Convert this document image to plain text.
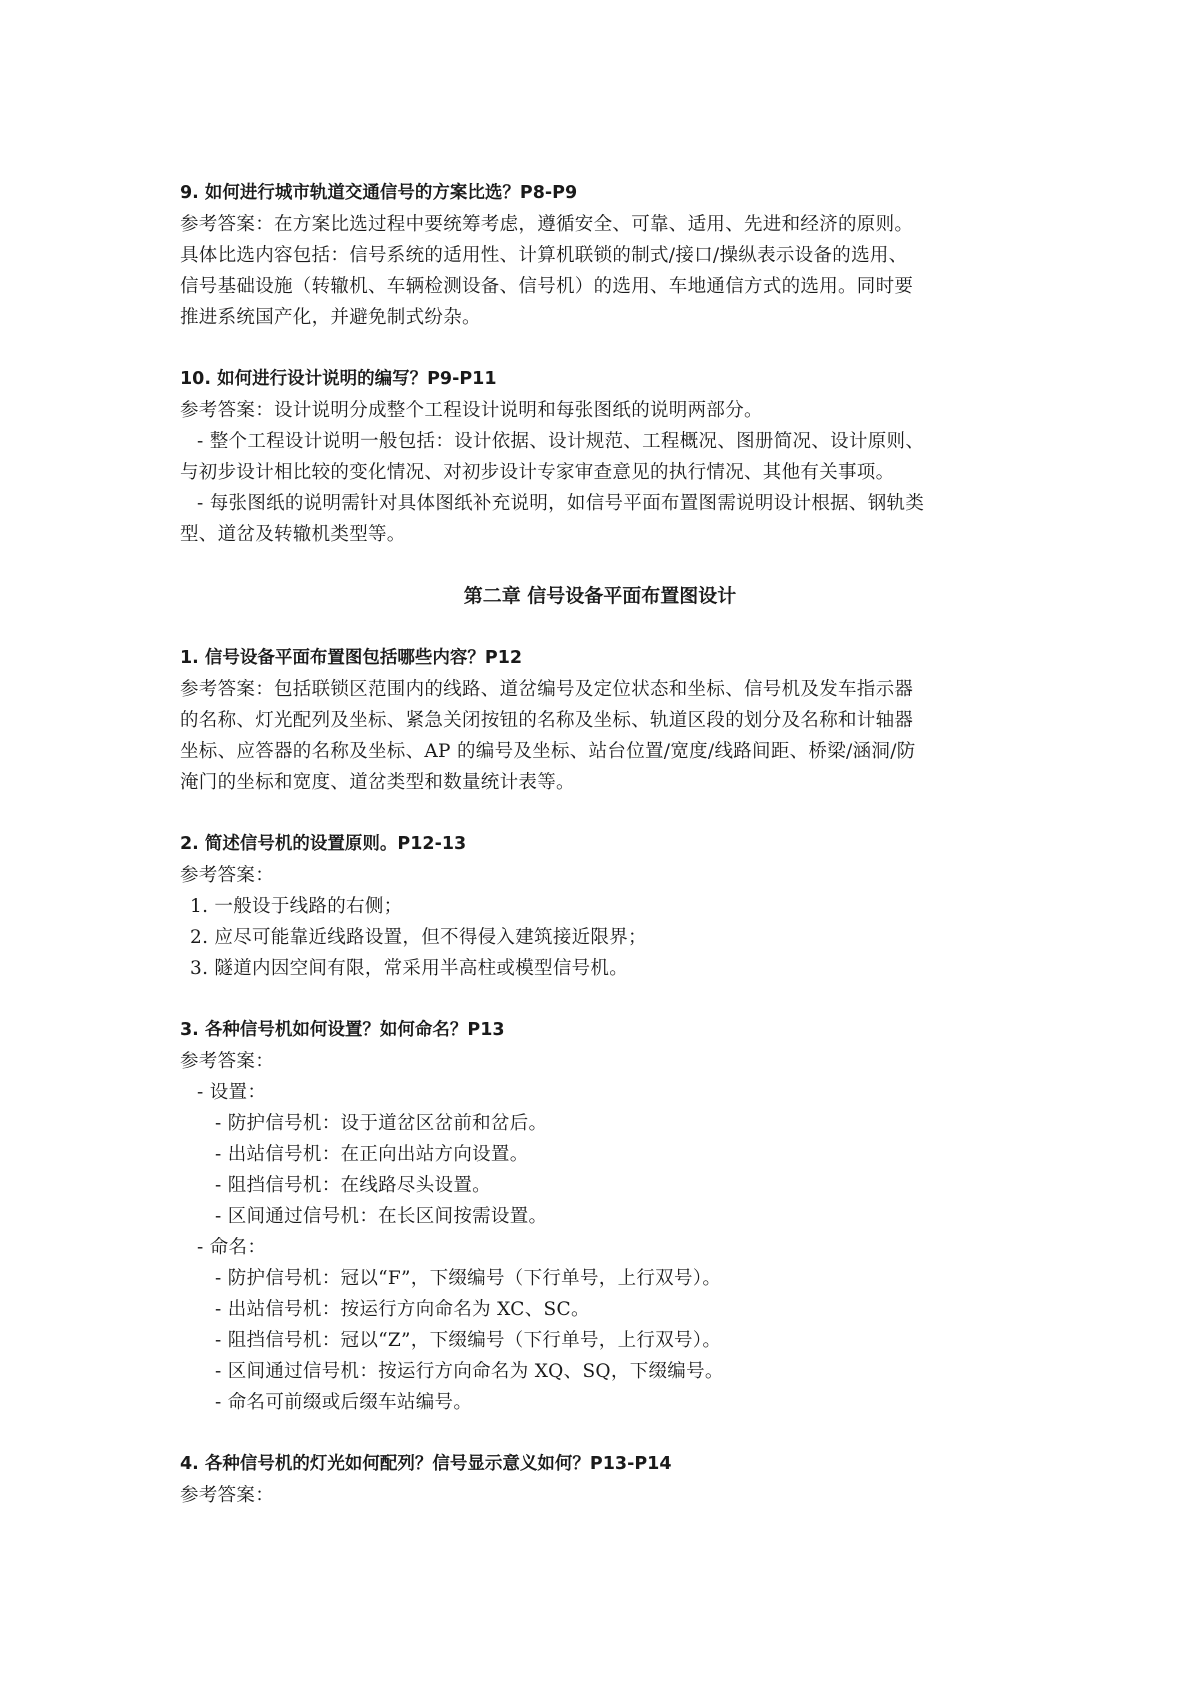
9. 如何进行城市轨道交通信号的方案比选？P8-P9

参考答案：在方案比选过程中要统筹考虑，遵循安全、可靠、适用、先进和经济的原则。

具体比选内容包括：信号系统的适用性、计算机联锁的制式/接口/操纵表示设备的选用、

信号基础设施（转辙机、车辆检测设备、信号机）的选用、车地通信方式的选用。同时要

推进系统国产化，并避免制式纷杂。

10. 如何进行设计说明的编写？P9-P11

参考答案：设计说明分成整个工程设计说明和每张图纸的说明两部分。

- 整个工程设计说明一般包括：设计依据、设计规范、工程概况、图册简况、设计原则、

与初步设计相比较的变化情况、对初步设计专家审查意见的执行情况、其他有关事项。

- 每张图纸的说明需针对具体图纸补充说明，如信号平面布置图需说明设计根据、钢轨类

型、道岔及转辙机类型等。

第二章 信号设备平面布置图设计

1. 信号设备平面布置图包括哪些内容？P12

参考答案：包括联锁区范围内的线路、道岔编号及定位状态和坐标、信号机及发车指示器

的名称、灯光配列及坐标、紧急关闭按钮的名称及坐标、轨道区段的划分及名称和计轴器

坐标、应答器的名称及坐标、AP 的编号及坐标、站台位置/宽度/线路间距、桥梁/涵洞/防

淹门的坐标和宽度、道岔类型和数量统计表等。

2. 简述信号机的设置原则。P12-13

参考答案：

1. 一般设于线路的右侧；

2. 应尽可能靠近线路设置，但不得侵入建筑接近限界；

3. 隧道内因空间有限，常采用半高柱或模型信号机。

3. 各种信号机如何设置？如何命名？P13

参考答案：

- 设置：

- 防护信号机：设于道岔区岔前和岔后。

- 出站信号机：在正向出站方向设置。

- 阻挡信号机：在线路尽头设置。

- 区间通过信号机：在长区间按需设置。

- 命名：

- 防护信号机：冠以“F”，下缀编号（下行单号，上行双号）。

- 出站信号机：按运行方向命名为 XC、SC。

- 阻挡信号机：冠以“Z”，下缀编号（下行单号，上行双号）。

- 区间通过信号机：按运行方向命名为 XQ、SQ，下缀编号。

- 命名可前缀或后缀车站编号。

4. 各种信号机的灯光如何配列？信号显示意义如何？P13-P14

参考答案：
